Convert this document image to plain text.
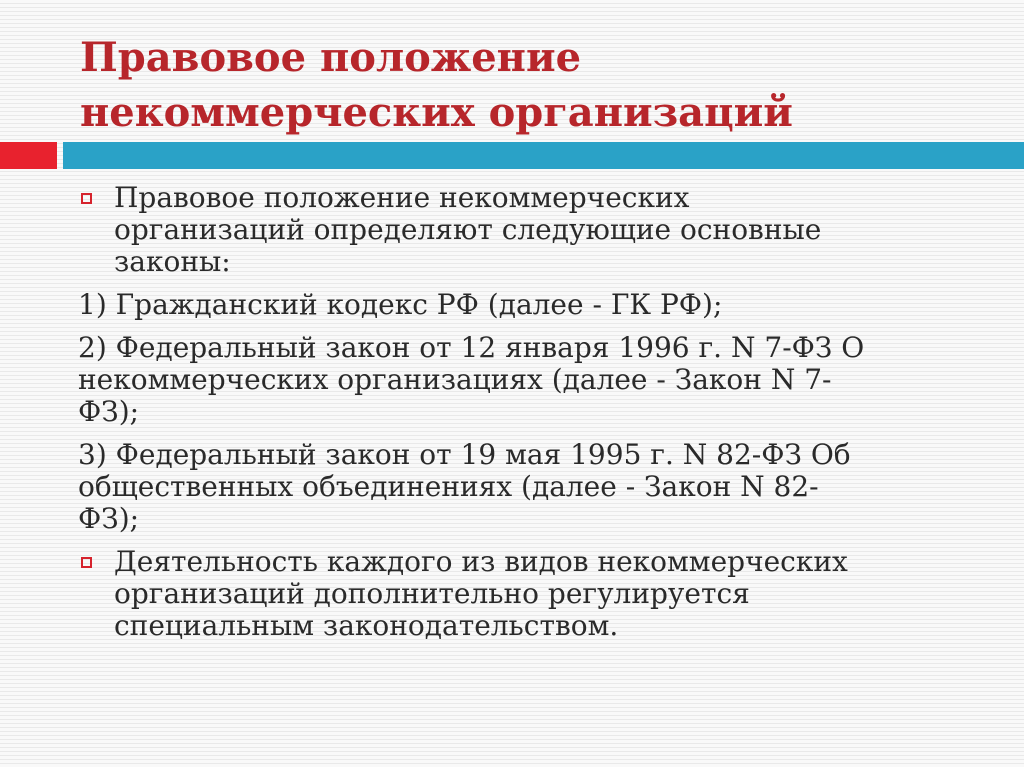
Правовое положение
некоммерческих организаций
Правовое положение некоммерческих
организаций определяют следующие основные
законы:
1) Гражданский кодекс РФ (далее - ГК РФ);
2) Федеральный закон от 12 января 1996 г. N 7-ФЗ О
некоммерческих организациях (далее - Закон N 7-
ФЗ);
3) Федеральный закон от 19 мая 1995 г. N 82-ФЗ Об
общественных объединениях (далее - Закон N 82-
ФЗ);
Деятельность каждого из видов некоммерческих
организаций дополнительно регулируется
специальным законодательством.
